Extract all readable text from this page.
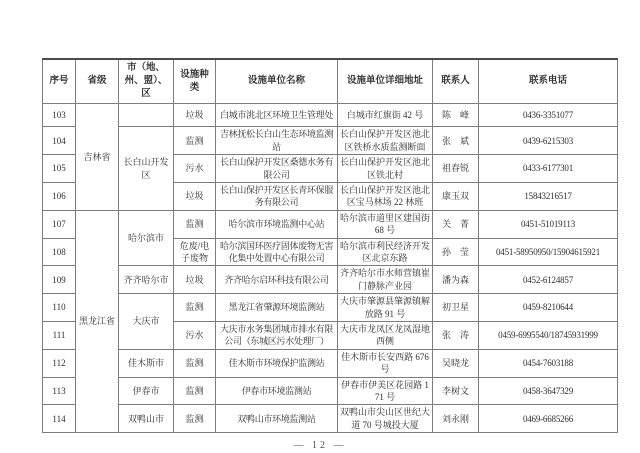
序号	省级	市（地、州、盟）、区	设施种类	设施单位名称	设施单位详细地址	联系人	联系电话
103	吉林省		垃圾	白城市洮北区环境卫生管理处	白城市红旗街 42 号	陈　峰	0436-3351077
104		长白山开发区	监测	吉林抚松长白山生态环境监测站	长白山保护开发区池北区铁桥水质监测断面	张　斌	0439-6215303
105			污水	长白山保护开发区桑德水务有限公司	长白山保护开发区池北区铁北村	祖春锐	0433-6177301
106			垃圾	长白山保护开发区长青环保服务有限公司	长白山保护开发区池北区宝马林场 22 林班	康玉双	15843216517
107	黑龙江省	哈尔滨市	监测	哈尔滨市环境监测中心站	哈尔滨市道里区建国街 68 号	关　菁	0451-51019113
108			危废/电子废物	哈尔滨国环医疗固体废物无害化集中处置中心有限公司	哈尔滨市利民经济开发区北京东路	孙　莹	0451-58950950/15904615921
109		齐齐哈尔市	垃圾	齐齐哈尔启环科技有限公司	齐齐哈尔市水师营镇崔门静脉产业园	潘为森	0452-6124857
110		大庆市	监测	黑龙江省肇源环境监测站	大庆市肇源县肇源镇解放路 91 号	初卫星	0459-8210644
111			污水	大庆市水务集团城市排水有限公司（东城区污水处理厂）	大庆市龙凤区龙凤湿地西侧	张　涛	0459-6995540/18745931999
112		佳木斯市	监测	佳木斯市环境保护监测站	佳木斯市长安西路 676 号	吴晓龙	0454-7603188
113		伊春市	监测	伊春市环境监测站	伊春市伊美区花园路 171 号	李树文	0458-3647329
114		双鸭山市	监测	双鸭山市环境监测站	双鸭山市尖山区世纪大道 70 号城投大厦	刘永刚	0469-6685266
— 12 —
